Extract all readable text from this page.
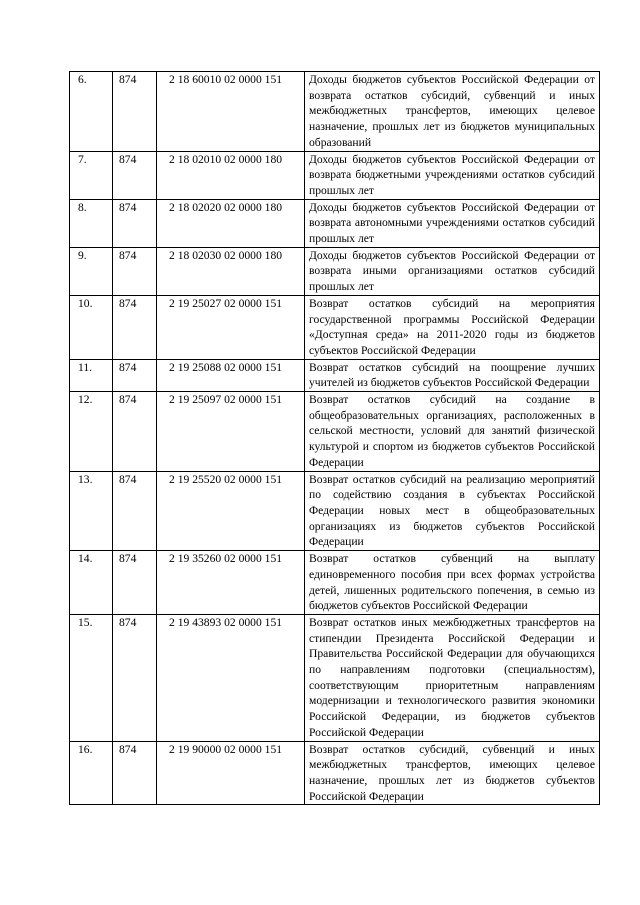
6.	874	2 18 60010 02 0000 151	Доходы бюджетов субъектов Российской Федерации от возврата остатков субсидий, субвенций и иных межбюджетных трансфертов, имеющих целевое назначение, прошлых лет из бюджетов муниципальных образований
7.	874	2 18 02010 02 0000 180	Доходы бюджетов субъектов Российской Федерации от возврата бюджетными учреждениями остатков субсидий прошлых лет
8.	874	2 18 02020 02 0000 180	Доходы бюджетов субъектов Российской Федерации от возврата автономными учреждениями остатков субсидий прошлых лет
9.	874	2 18 02030 02 0000 180	Доходы бюджетов субъектов Российской Федерации от возврата иными организациями остатков субсидий прошлых лет
10.	874	2 19 25027 02 0000 151	Возврат остатков субсидий на мероприятия государственной программы Российской Федерации «Доступная среда» на 2011-2020 годы из бюджетов субъектов Российской Федерации
11.	874	2 19 25088 02 0000 151	Возврат остатков субсидий на поощрение лучших учителей из бюджетов субъектов Российской Федерации
12.	874	2 19 25097 02 0000 151	Возврат остатков субсидий на создание в общеобразовательных организациях, расположенных в сельской местности, условий для занятий физической культурой и спортом из бюджетов субъектов Российской Федерации
13.	874	2 19 25520 02 0000 151	Возврат остатков субсидий на реализацию мероприятий по содействию создания в субъектах Российской Федерации новых мест в общеобразовательных организациях из бюджетов субъектов Российской Федерации
14.	874	2 19 35260 02 0000 151	Возврат остатков субвенций на выплату единовременного пособия при всех формах устройства детей, лишенных родительского попечения, в семью из бюджетов субъектов Российской Федерации
15.	874	2 19 43893 02 0000 151	Возврат остатков иных межбюджетных трансфертов на стипендии Президента Российской Федерации и Правительства Российской Федерации для обучающихся по направлениям подготовки (специальностям), соответствующим приоритетным направлениям модернизации и технологического развития экономики Российской Федерации, из бюджетов субъектов Российской Федерации
16.	874	2 19 90000 02 0000 151	Возврат остатков субсидий, субвенций и иных межбюджетных трансфертов, имеющих целевое назначение, прошлых лет из бюджетов субъектов Российской Федерации
